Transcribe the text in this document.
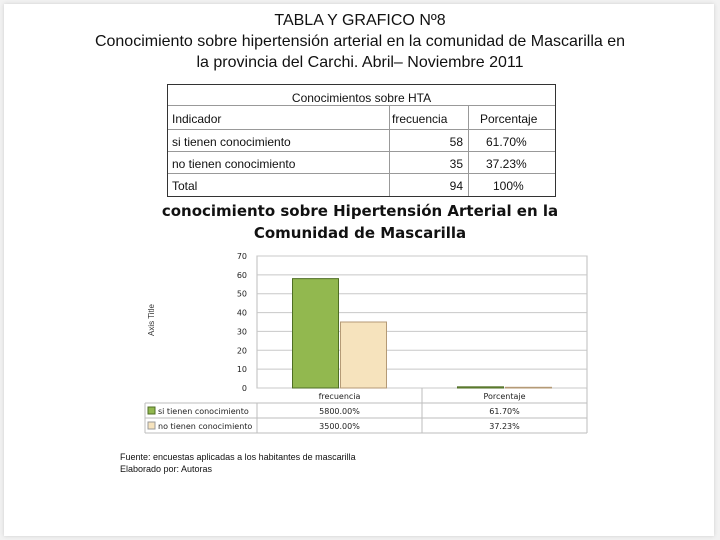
TABLA Y GRAFICO Nº8
Conocimiento sobre hipertensión arterial en la comunidad de Mascarilla en
la provincia del Carchi. Abril– Noviembre 2011
Conocimientos sobre HTA
Indicador	frecuencia	Porcentaje
si tienen conocimiento	58 61.70%
no tienen conocimiento	35 37.23%
Total	94	100%
conocimiento sobre Hipertensión Arterial en la
Comunidad de Mascarilla
Axis Title
0
10
20
30
40
50
60
70
frecuencia	Porcentaje
si tienen conocimiento	5800.00%	61.70%
no tienen conocimiento	3500.00%	37.23%
Fuente: encuestas aplicadas a los habitantes de mascarilla
Elaborado por: Autoras
